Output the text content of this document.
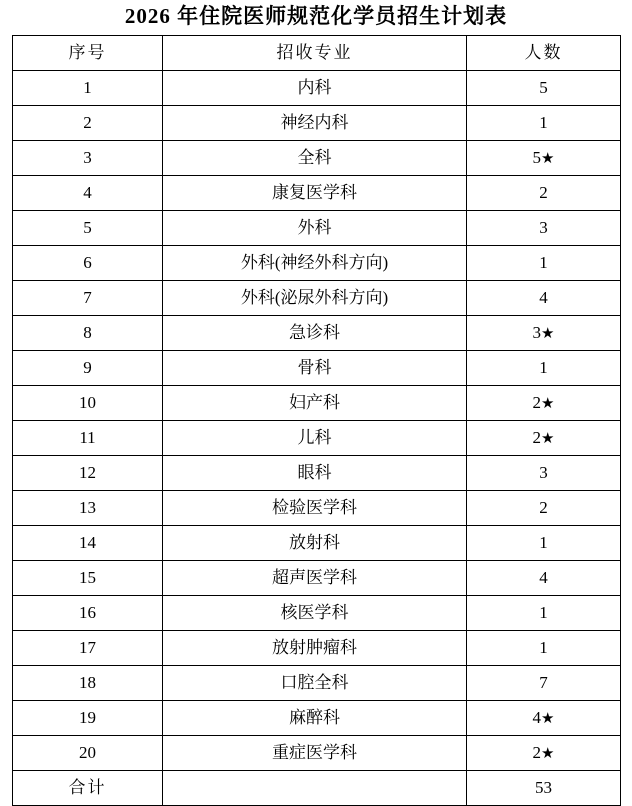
2026 年住院医师规范化学员招生计划表
序号	招收专业	人数
1	内科	5
2	神经内科	1
3	全科	5★
4	康复医学科	2
5	外科	3
6	外科(神经外科方向)	1
7	外科(泌尿外科方向)	4
8	急诊科	3★
9	骨科	1
10	妇产科	2★
11	儿科	2★
12	眼科	3
13	检验医学科	2
14	放射科	1
15	超声医学科	4
16	核医学科	1
17	放射肿瘤科	1
18	口腔全科	7
19	麻醉科	4★
20	重症医学科	2★
合计		53
